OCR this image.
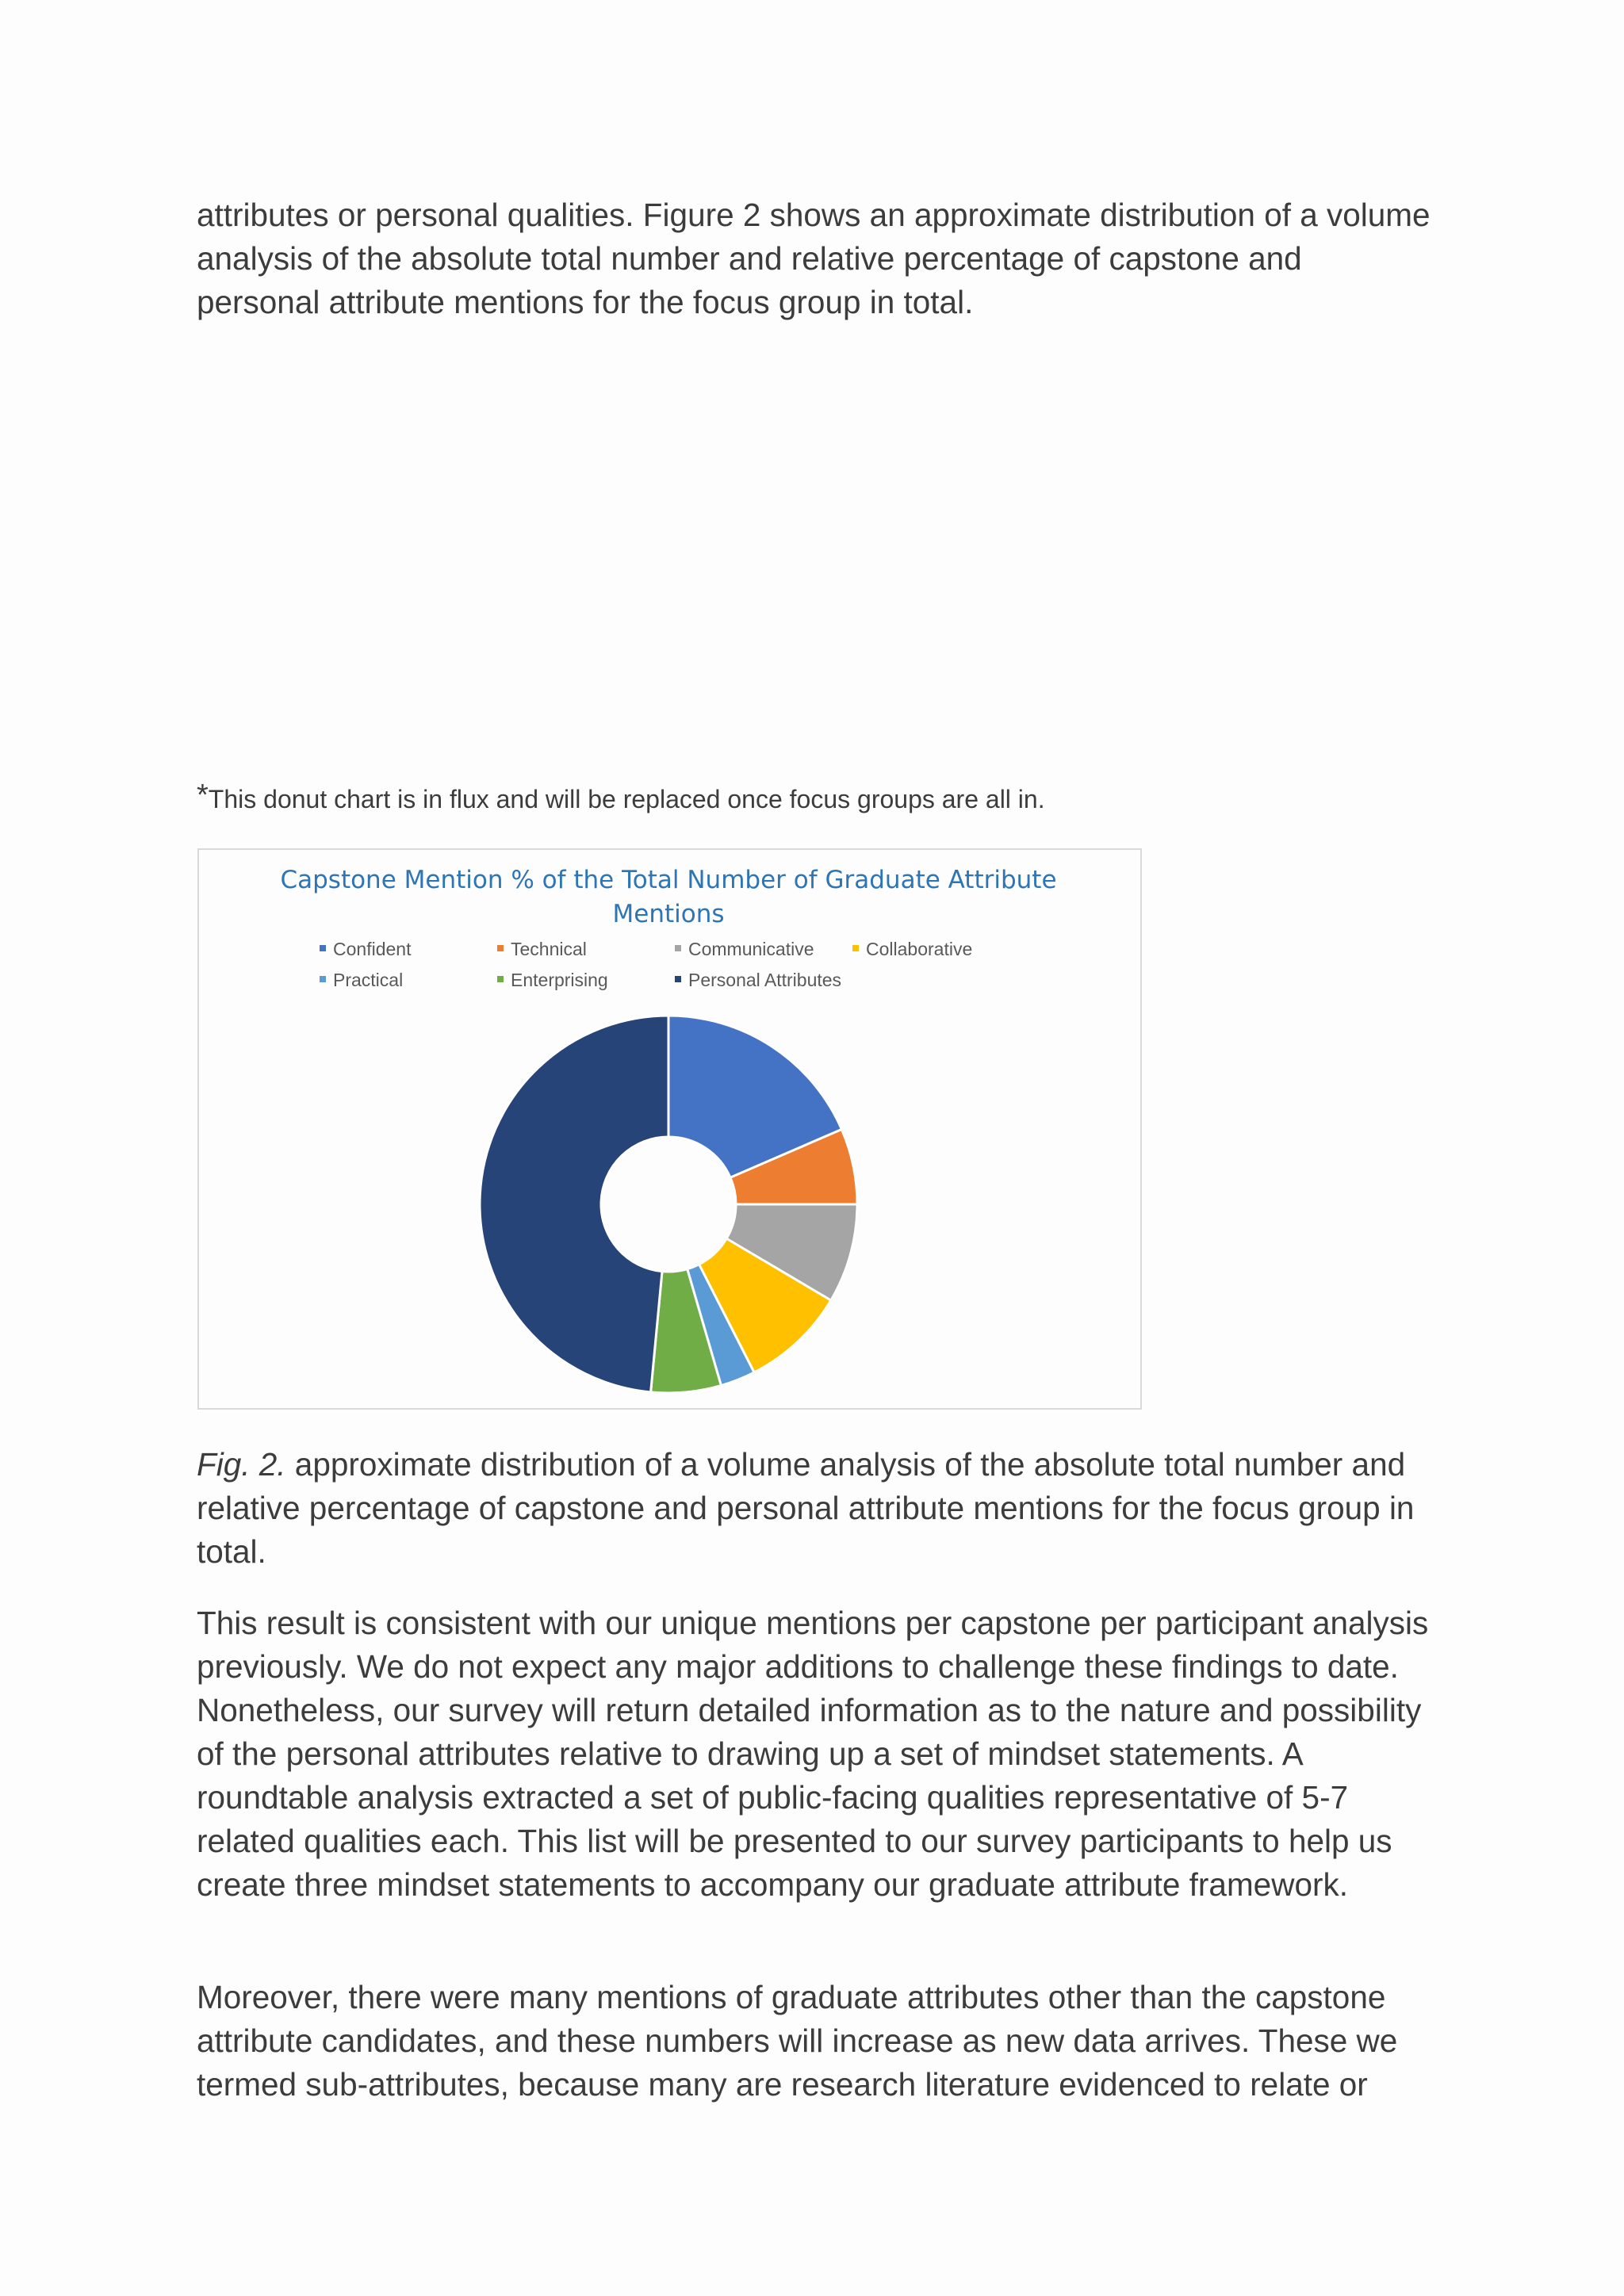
attributes or personal qualities. Figure 2 shows an approximate distribution of a volume analysis of the absolute total number and relative percentage of capstone and personal attribute mentions for the focus group in total.

*This donut chart is in flux and will be replaced once focus groups are all in.

Capstone Mention % of the Total Number of Graduate Attribute
Mentions
Confident	Technical	Communicative	Collaborative
Practical	Enterprising	Personal Attributes

Fig. 2. approximate distribution of a volume analysis of the absolute total number and relative percentage of capstone and personal attribute mentions for the focus group in total.

This result is consistent with our unique mentions per capstone per participant analysis previously. We do not expect any major additions to challenge these findings to date. Nonetheless, our survey will return detailed information as to the nature and possibility of the personal attributes relative to drawing up a set of mindset statements. A roundtable analysis extracted a set of public-facing qualities representative of 5-7 related qualities each. This list will be presented to our survey participants to help us create three mindset statements to accompany our graduate attribute framework.

Moreover, there were many mentions of graduate attributes other than the capstone attribute candidates, and these numbers will increase as new data arrives. These we termed sub-attributes, because many are research literature evidenced to relate or
